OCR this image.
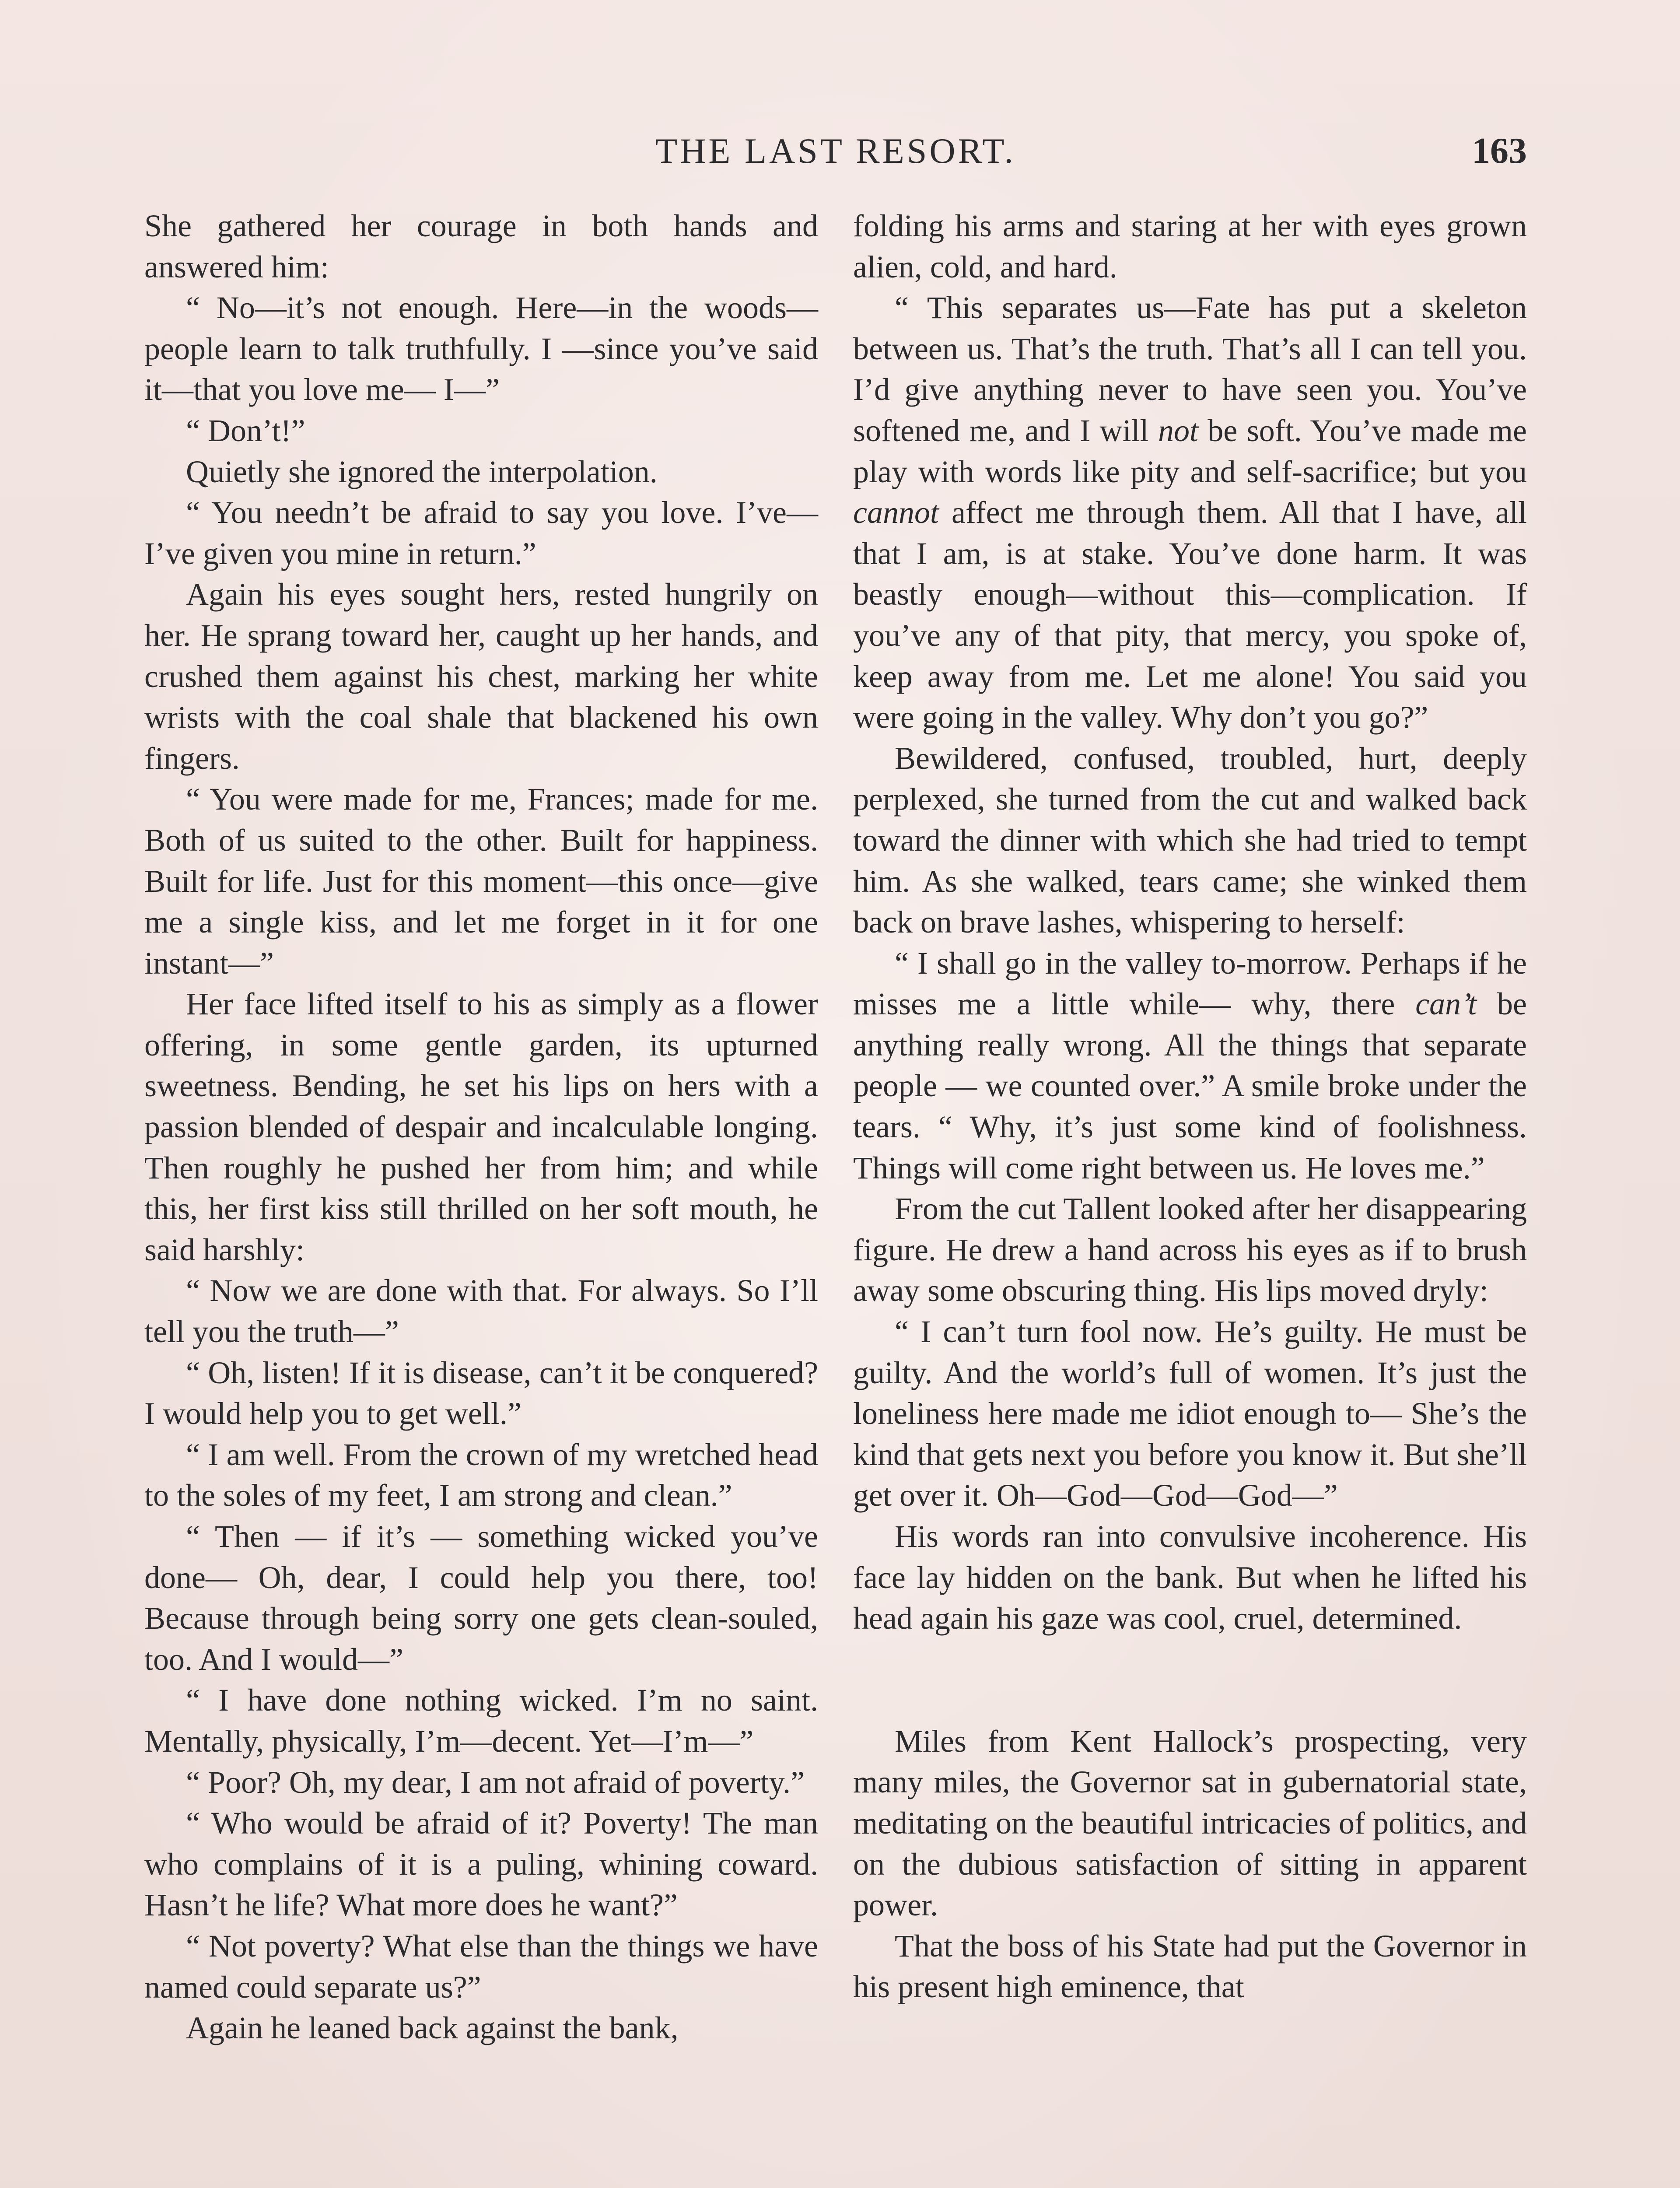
THE LAST RESORT.	163

She gathered her courage in both hands and answered him:

“ No—it’s not enough. Here—in the woods—people learn to talk truthfully. I —since you’ve said it—that you love me— I—”

“ Don’t!”

Quietly she ignored the interpolation.

“ You needn’t be afraid to say you love. I’ve—I’ve given you mine in return.”

Again his eyes sought hers, rested hungrily on her. He sprang toward her, caught up her hands, and crushed them against his chest, marking her white wrists with the coal shale that blackened his own fingers.

“ You were made for me, Frances; made for me. Both of us suited to the other. Built for happiness. Built for life. Just for this moment—this once—give me a single kiss, and let me forget in it for one instant—”

Her face lifted itself to his as simply as a flower offering, in some gentle garden, its upturned sweetness. Bending, he set his lips on hers with a passion blended of despair and incalculable longing. Then roughly he pushed her from him; and while this, her first kiss still thrilled on her soft mouth, he said harshly:

“ Now we are done with that. For always. So I’ll tell you the truth—”

“ Oh, listen! If it is disease, can’t it be conquered? I would help you to get well.”

“ I am well. From the crown of my wretched head to the soles of my feet, I am strong and clean.”

“ Then — if it’s — something wicked you’ve done— Oh, dear, I could help you there, too! Because through being sorry one gets clean-souled, too. And I would—”

“ I have done nothing wicked. I’m no saint. Mentally, physically, I’m—decent. Yet—I’m—”

“ Poor? Oh, my dear, I am not afraid of poverty.”

“ Who would be afraid of it? Poverty! The man who complains of it is a puling, whining coward. Hasn’t he life? What more does he want?”

“ Not poverty? What else than the things we have named could separate us?”

Again he leaned back against the bank,

folding his arms and staring at her with eyes grown alien, cold, and hard.

“ This separates us—Fate has put a skeleton between us. That’s the truth. That’s all I can tell you. I’d give anything never to have seen you. You’ve softened me, and I will not be soft. You’ve made me play with words like pity and self-sacrifice; but you cannot affect me through them. All that I have, all that I am, is at stake. You’ve done harm. It was beastly enough—without this—complication. If you’ve any of that pity, that mercy, you spoke of, keep away from me. Let me alone! You said you were going in the valley. Why don’t you go?”

Bewildered, confused, troubled, hurt, deeply perplexed, she turned from the cut and walked back toward the dinner with which she had tried to tempt him. As she walked, tears came; she winked them back on brave lashes, whispering to herself:

“ I shall go in the valley to-morrow. Perhaps if he misses me a little while— why, there can’t be anything really wrong. All the things that separate people — we counted over.” A smile broke under the tears. “ Why, it’s just some kind of foolishness. Things will come right between us. He loves me.”

From the cut Tallent looked after her disappearing figure. He drew a hand across his eyes as if to brush away some obscuring thing. His lips moved dryly:

“ I can’t turn fool now. He’s guilty. He must be guilty. And the world’s full of women. It’s just the loneliness here made me idiot enough to— She’s the kind that gets next you before you know it. But she’ll get over it. Oh—God—God—God—”

His words ran into convulsive incoherence. His face lay hidden on the bank. But when he lifted his head again his gaze was cool, cruel, determined.

Miles from Kent Hallock’s prospecting, very many miles, the Governor sat in gubernatorial state, meditating on the beautiful intricacies of politics, and on the dubious satisfaction of sitting in apparent power.

That the boss of his State had put the Governor in his present high eminence, that
